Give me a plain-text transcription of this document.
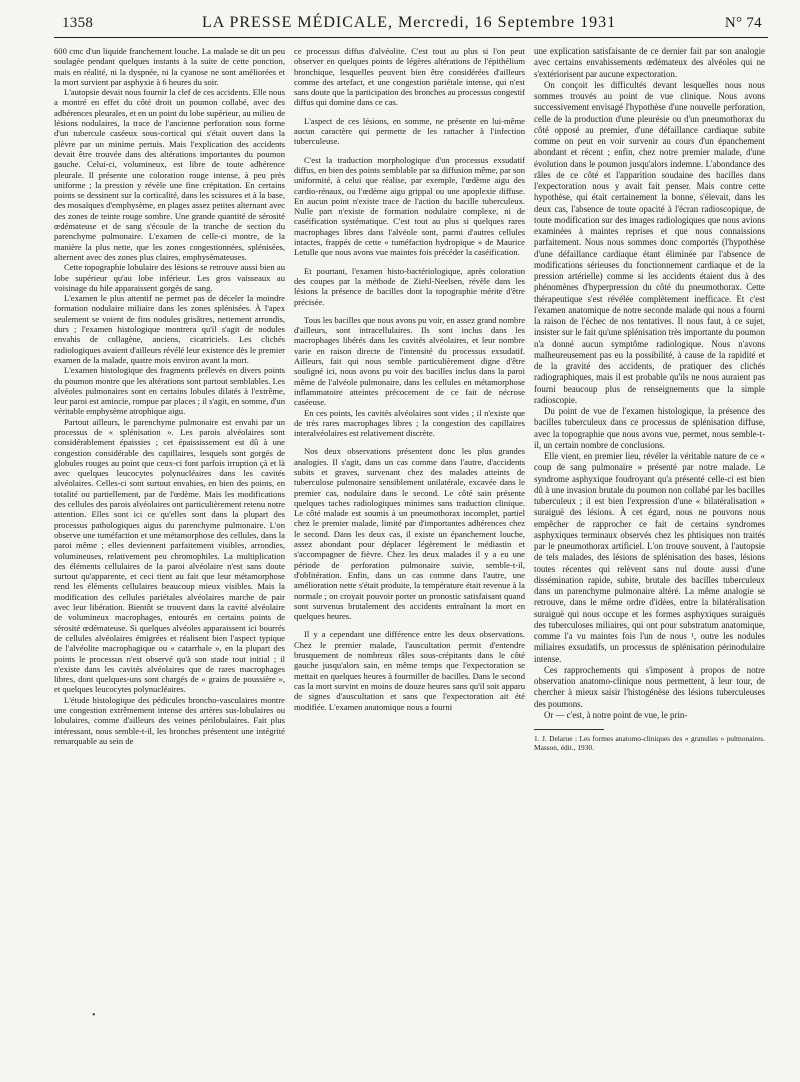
1358	LA PRESSE MÉDICALE, Mercredi, 16 Septembre 1931	N° 74

600 cmc d'un liquide franchement louche. La malade se dit un peu soulagée pendant quelques instants à la suite de cette ponction, mais en réalité, ni la dyspnée, ni la cyanose ne sont améliorées et la mort survient par asphyxie à 6 heures du soir.

L'autopsie devait nous fournir la clef de ces accidents. Elle nous a montré en effet du côté droit un poumon collabé, avec des adhérences pleurales, et en un point du lobe supérieur, au milieu de lésions nodulaires, la trace de l'ancienne perforation sous forme d'un tubercule caséeux sous-cortical qui s'était ouvert dans la plèvre par un minime pertuis. Mais l'explication des accidents devait être trouvée dans des altérations importantes du poumon gauche. Celui-ci, volumineux, est libre de toute adhérence pleurale. Il présente une coloration rouge intense, à peu près uniforme ; la pression y révèle une fine crépitation. En certains points se dessinent sur la corticalité, dans les scissures et à la base, des mosaïques d'emphysème, en plages assez petites alternant avec des zones de teinte rouge sombre. Une grande quantité de sérosité œdémateuse et de sang s'écoule de la tranche de section du parenchyme pulmonaire. L'examen de celle-ci montre, de la manière la plus nette, que les zones congestionnées, splénisées, alternent avec des zones plus claires, emphysémateuses.

Cette topographie lobulaire des lésions se retrouve aussi bien au lobe supérieur qu'au lobe inférieur. Les gros vaisseaux au voisinage du hile apparaissent gorgés de sang.

L'examen le plus attentif ne permet pas de déceler la moindre formation nodulaire miliaire dans les zones splénisées. À l'apex seulement se voient de fins nodules grisâtres, nettement arrondis, durs ; l'examen histologique montrera qu'il s'agit de nodules envahis de collagène, anciens, cicatriciels. Les clichés radiologiques avaient d'ailleurs révélé leur existence dès le premier examen de la malade, quatre mois environ avant la mort.

L'examen histologique des fragments prélevés en divers points du poumon montre que les altérations sont partout semblables. Les alvéoles pulmonaires sont en certains lobules dilatés à l'extrême, leur paroi est amincie, rompue par places ; il s'agit, en somme, d'un véritable emphysème atrophique aigu.

Partout ailleurs, le parenchyme pulmonaire est envahi par un processus de « splénisation ». Les parois alvéolaires sont considérablement épaissies ; cet épaississement est dû à une congestion considérable des capillaires, lesquels sont gorgés de globules rouges au point que ceux-ci font parfois irruption çà et là avec quelques leucocytes polynucléaires dans les cavités alvéolaires. Celles-ci sont surtout envahies, en bien des points, en totalité ou partiellement, par de l'œdème. Mais les modifications des cellules des parois alvéolaires ont particulièrement retenu notre attention. Elles sont ici ce qu'elles sont dans la plupart des processus pathologiques aigus du parenchyme pulmonaire. L'on observe une tuméfaction et une métamorphose des cellules, dans la paroi même ; elles deviennent parfaitement visibles, arrondies, volumineuses, relativement peu chromophiles. La multiplication des éléments cellulaires de la paroi alvéolaire n'est sans doute surtout qu'apparente, et ceci tient au fait que leur métamorphose rend les éléments cellulaires beaucoup mieux visibles. Mais la modification des cellules pariétales alvéolaires marche de pair avec leur libération. Bientôt se trouvent dans la cavité alvéolaire de volumineux macrophages, entourés en certains points de sérosité œdémateuse. Si quelques alvéoles apparaissent ici bourrés de cellules alvéolaires émigrées et réalisent bien l'aspect typique de l'alvéolite macrophagique ou « catarrhale », en la plupart des points le processus n'est observé qu'à son stade tout initial ; il n'existe dans les cavités alvéolaires que de rares macrophages libres, dont quelques-uns sont chargés de « grains de poussière », et quelques leucocytes polynucléaires.

L'étude histologique des pédicules broncho-vasculaires montre une congestion extrêmement intense des artères sus-lobulaires ou lobulaires, comme d'ailleurs des veines périlobulaires. Fait plus intéressant, nous semble-t-il, les bronches présentent une intégrité remarquable au sein de

ce processus diffus d'alvéolite. C'est tout au plus si l'on peut observer en quelques points de légères altérations de l'épithélium bronchique, lesquelles peuvent bien être considérées d'ailleurs comme des artefact, et une congestion pariétale intense, qui n'est sans doute que la participation des bronches au processus congestif diffus qui domine dans ce cas.

L'aspect de ces lésions, en somme, ne présente en lui-même aucun caractère qui permette de les rattacher à l'infection tuberculeuse.

C'est la traduction morphologique d'un processus exsudatif diffus, en bien des points semblable par sa diffusion même, par son uniformité, à celui que réalise, par exemple, l'œdème aigu des cardio-rénaux, ou l'œdème aigu grippal ou une apoplexie diffuse. En aucun point n'existe trace de l'action du bacille tuberculeux. Nulle part n'existe de formation nodulaire complexe, ni de caséification systématique. C'est tout au plus si quelques rares macrophages libres dans l'alvéole sont, parmi d'autres cellules intactes, frappés de cette « tuméfaction hydropique » de Maurice Letulle que nous avons vue maintes fois précéder la caséification.

Et pourtant, l'examen histo-bactériologique, après coloration des coupes par la méthode de Ziehl-Neelsen, révèle dans les lésions la présence de bacilles dont la topographie mérite d'être précisée.

Tous les bacilles que nous avons pu voir, en assez grand nombre d'ailleurs, sont intracellulaires. Ils sont inclus dans les macrophages libérés dans les cavités alvéolaires, et leur nombre varie en raison directe de l'intensité du processus exsudatif. Ailleurs, fait qui nous semble particulièrement digne d'être souligné ici, nous avons pu voir des bacilles inclus dans la paroi même de l'alvéole pulmonaire, dans les cellules en métamorphose inflammatoire atteintes précocement de ce fait de nécrose caséeuse.

En ces points, les cavités alvéolaires sont vides ; il n'existe que de très rares macrophages libres ; la congestion des capillaires interalvéolaires est relativement discrète.

Nos deux observations présentent donc les plus grandes analogies. Il s'agit, dans un cas comme dans l'autre, d'accidents subits et graves, survenant chez des malades atteints de tuberculose pulmonaire sensiblement unilatérale, excavée dans le premier cas, nodulaire dans le second. Le côté sain présente quelques taches radiologiques minimes sans traduction clinique. Le côté malade est soumis à un pneumothorax incomplet, partiel chez le premier malade, limité par d'importantes adhérences chez le second. Dans les deux cas, il existe un épanchement louche, assez abondant pour déplacer légèrement le médiastin et s'accompagner de fièvre. Chez les deux malades il y a eu une période de perforation pulmonaire suivie, semble-t-il, d'oblitération. Enfin, dans un cas comme dans l'autre, une amélioration nette s'était produite, la température était revenue à la normale ; on croyait pouvoir porter un pronostic satisfaisant quand sont survenus brutalement des accidents entraînant la mort en quelques heures.

Il y a cependant une différence entre les deux observations. Chez le premier malade, l'auscultation permit d'entendre brusquement de nombreux râles sous-crépitants dans le côté gauche jusqu'alors sain, en même temps que l'expectoration se mettait en quelques heures à fourmiller de bacilles. Dans le second cas la mort survint en moins de douze heures sans qu'il soit apparu de signes d'auscultation et sans que l'expectoration ait été modifiée. L'examen anatomique nous a fourni

une explication satisfaisante de ce dernier fait par son analogie avec certains envahissements œdémateux des alvéoles qui ne s'extériorisent par aucune expectoration.

On conçoit les difficultés devant lesquelles nous nous sommes trouvés au point de vue clinique. Nous avons successivement envisagé l'hypothèse d'une nouvelle perforation, celle de la production d'une pleurésie ou d'un pneumothorax du côté opposé au premier, d'une défaillance cardiaque subite comme on peut en voir survenir au cours d'un épanchement abondant et récent ; enfin, chez notre premier malade, d'une évolution dans le poumon jusqu'alors indemne. L'abondance des râles de ce côté et l'apparition soudaine des bacilles dans l'expectoration nous y avait fait penser. Mais contre cette hypothèse, qui était certainement la bonne, s'élevait, dans les deux cas, l'absence de toute opacité à l'écran radioscopique, de toute modification sur des images radiologiques que nous avions examinées à maintes reprises et que nous connaissions parfaitement. Nous nous sommes donc comportés (l'hypothèse d'une défaillance cardiaque étant éliminée par l'absence de modifications sérieuses du fonctionnement cardiaque et de la pression artérielle) comme si les accidents étaient dus à des phénomènes d'hyperpression du côté du pneumothorax. Cette thérapeutique s'est révélée complètement inefficace. Et c'est l'examen anatomique de notre seconde malade qui nous a fourni la raison de l'échec de nos tentatives. Il nous faut, à ce sujet, insister sur le fait qu'une splénisation très importante du poumon n'a donné aucun symptôme radiologique. Nous n'avons malheureusement pas eu la possibilité, à cause de la rapidité et de la gravité des accidents, de pratiquer des clichés radiographiques, mais il est probable qu'ils ne nous auraient pas fourni beaucoup plus de renseignements que la simple radioscopie.

Du point de vue de l'examen histologique, la présence des bacilles tuberculeux dans ce processus de splénisation diffuse, avec la topographie que nous avons vue, permet, nous semble-t-il, un certain nombre de conclusions.

Elle vient, en premier lieu, révéler la véritable nature de ce « coup de sang pulmonaire » présenté par notre malade. Le syndrome asphyxique foudroyant qu'a présenté celle-ci est bien dû à une invasion brutale du poumon non collabé par les bacilles tuberculeux ; il est bien l'expression d'une « bilatéralisation » suraiguë des lésions. À cet égard, nous ne pouvons nous empêcher de rapprocher ce fait de certains syndromes asphyxiques terminaux observés chez les phtisiques non traités par le pneumothorax artificiel. L'on trouve souvent, à l'autopsie de tels malades, des lésions de splénisation des bases, lésions toutes récentes qui relèvent sans nul doute aussi d'une dissémination rapide, subite, brutale des bacilles tuberculeux dans un parenchyme pulmonaire altéré. La même analogie se retrouve, dans le même ordre d'idées, entre la bilatéralisation suraiguë qui nous occupe et les formes asphyxiques suraiguës des tuberculoses miliaires, qui ont pour substratum anatomique, comme l'a vu maintes fois l'un de nous ¹, outre les nodules miliaires exsudatifs, un processus de splénisation périnodulaire intense.

Ces rapprochements qui s'imposent à propos de notre observation anatomo-clinique nous permettent, à leur tour, de chercher à mieux saisir l'histogénèse des lésions tuberculeuses des poumons.

Or — c'est, à notre point de vue, le prin-

1. J. Delarue : Les formes anatomo-cliniques des « granulies » pulmonaires. Masson, édit., 1930.

•
